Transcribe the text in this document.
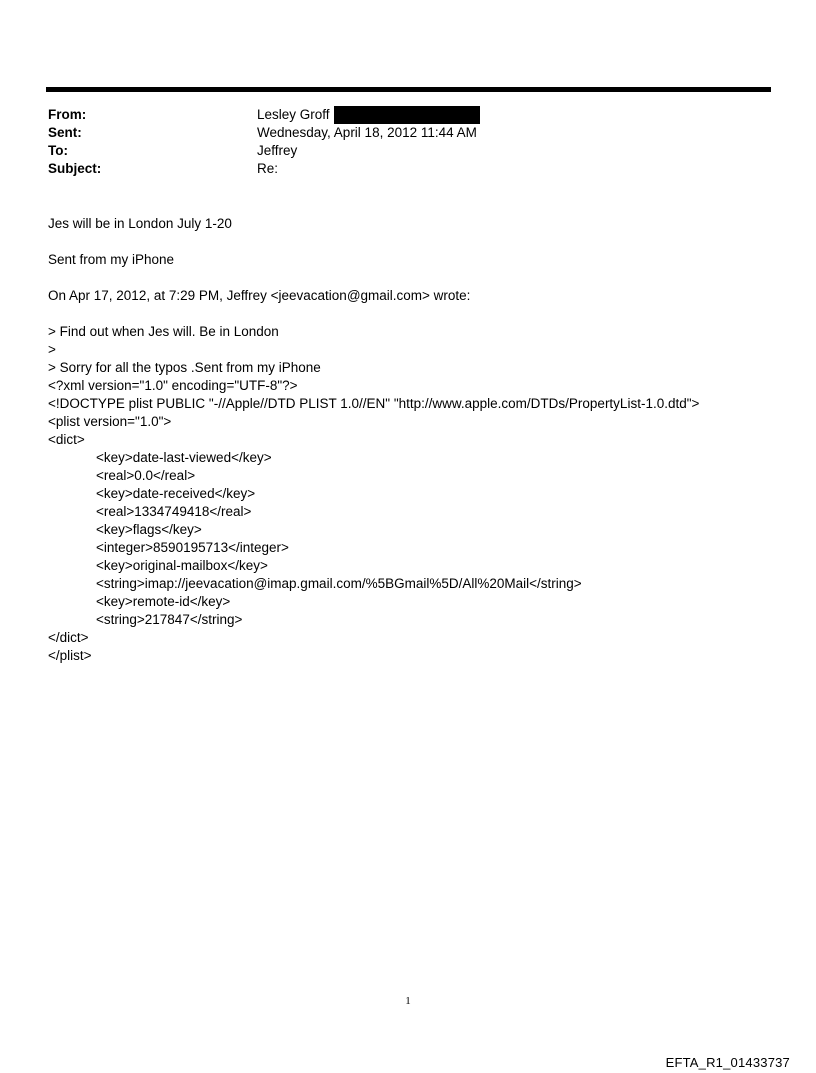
From:	Lesley Groff
Sent:	Wednesday, April 18, 2012 11:44 AM
To:	Jeffrey
Subject:	Re:
Jes will be in London July 1-20
Sent from my iPhone
On Apr 17, 2012, at 7:29 PM, Jeffrey <jeevacation@gmail.com> wrote:
> Find out when Jes will. Be in London
>
> Sorry for all the typos .Sent from my iPhone
<?xml version="1.0" encoding="UTF-8"?>
<!DOCTYPE plist PUBLIC "-//Apple//DTD PLIST 1.0//EN" "http://www.apple.com/DTDs/PropertyList-1.0.dtd">
<plist version="1.0">
<dict>
<key>date-last-viewed</key>
<real>0.0</real>
<key>date-received</key>
<real>1334749418</real>
<key>flags</key>
<integer>8590195713</integer>
<key>original-mailbox</key>
<string>imap://jeevacation@imap.gmail.com/%5BGmail%5D/All%20Mail</string>
<key>remote-id</key>
<string>217847</string>
</dict>
</plist>
1
EFTA_R1_01433737
